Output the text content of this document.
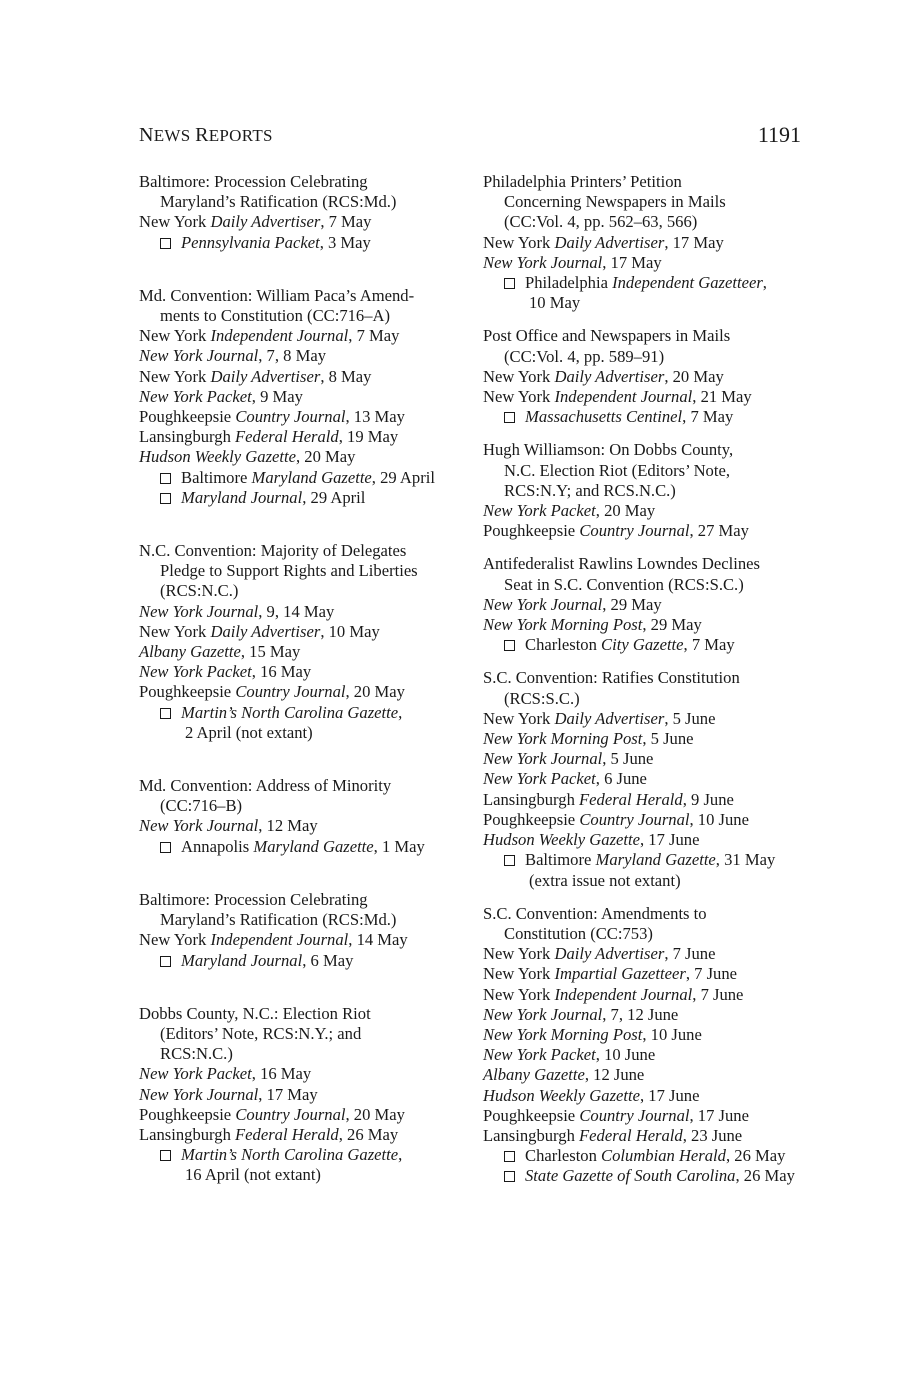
NEWS REPORTS	1191
Baltimore: Procession Celebrating
Maryland’s Ratification (RCS:Md.)
New York Daily Advertiser, 7 May
Pennsylvania Packet, 3 May
Md. Convention: William Paca’s Amend-
ments to Constitution (CC:716–A)
New York Independent Journal, 7 May
New York Journal, 7, 8 May
New York Daily Advertiser, 8 May
New York Packet, 9 May
Poughkeepsie Country Journal, 13 May
Lansingburgh Federal Herald, 19 May
Hudson Weekly Gazette, 20 May
Baltimore Maryland Gazette, 29 April
Maryland Journal, 29 April
N.C. Convention: Majority of Delegates
Pledge to Support Rights and Liberties
(RCS:N.C.)
New York Journal, 9, 14 May
New York Daily Advertiser, 10 May
Albany Gazette, 15 May
New York Packet, 16 May
Poughkeepsie Country Journal, 20 May
Martin’s North Carolina Gazette,
2 April (not extant)
Md. Convention: Address of Minority
(CC:716–B)
New York Journal, 12 May
Annapolis Maryland Gazette, 1 May
Baltimore: Procession Celebrating
Maryland’s Ratification (RCS:Md.)
New York Independent Journal, 14 May
Maryland Journal, 6 May
Dobbs County, N.C.: Election Riot
(Editors’ Note, RCS:N.Y.; and
RCS:N.C.)
New York Packet, 16 May
New York Journal, 17 May
Poughkeepsie Country Journal, 20 May
Lansingburgh Federal Herald, 26 May
Martin’s North Carolina Gazette,
16 April (not extant)
Philadelphia Printers’ Petition
Concerning Newspapers in Mails
(CC:Vol. 4, pp. 562–63, 566)
New York Daily Advertiser, 17 May
New York Journal, 17 May
Philadelphia Independent Gazetteer,
10 May
Post Office and Newspapers in Mails
(CC:Vol. 4, pp. 589–91)
New York Daily Advertiser, 20 May
New York Independent Journal, 21 May
Massachusetts Centinel, 7 May
Hugh Williamson: On Dobbs County,
N.C. Election Riot (Editors’ Note,
RCS:N.Y; and RCS.N.C.)
New York Packet, 20 May
Poughkeepsie Country Journal, 27 May
Antifederalist Rawlins Lowndes Declines
Seat in S.C. Convention (RCS:S.C.)
New York Journal, 29 May
New York Morning Post, 29 May
Charleston City Gazette, 7 May
S.C. Convention: Ratifies Constitution
(RCS:S.C.)
New York Daily Advertiser, 5 June
New York Morning Post, 5 June
New York Journal, 5 June
New York Packet, 6 June
Lansingburgh Federal Herald, 9 June
Poughkeepsie Country Journal, 10 June
Hudson Weekly Gazette, 17 June
Baltimore Maryland Gazette, 31 May
(extra issue not extant)
S.C. Convention: Amendments to
Constitution (CC:753)
New York Daily Advertiser, 7 June
New York Impartial Gazetteer, 7 June
New York Independent Journal, 7 June
New York Journal, 7, 12 June
New York Morning Post, 10 June
New York Packet, 10 June
Albany Gazette, 12 June
Hudson Weekly Gazette, 17 June
Poughkeepsie Country Journal, 17 June
Lansingburgh Federal Herald, 23 June
Charleston Columbian Herald, 26 May
State Gazette of South Carolina, 26 May
